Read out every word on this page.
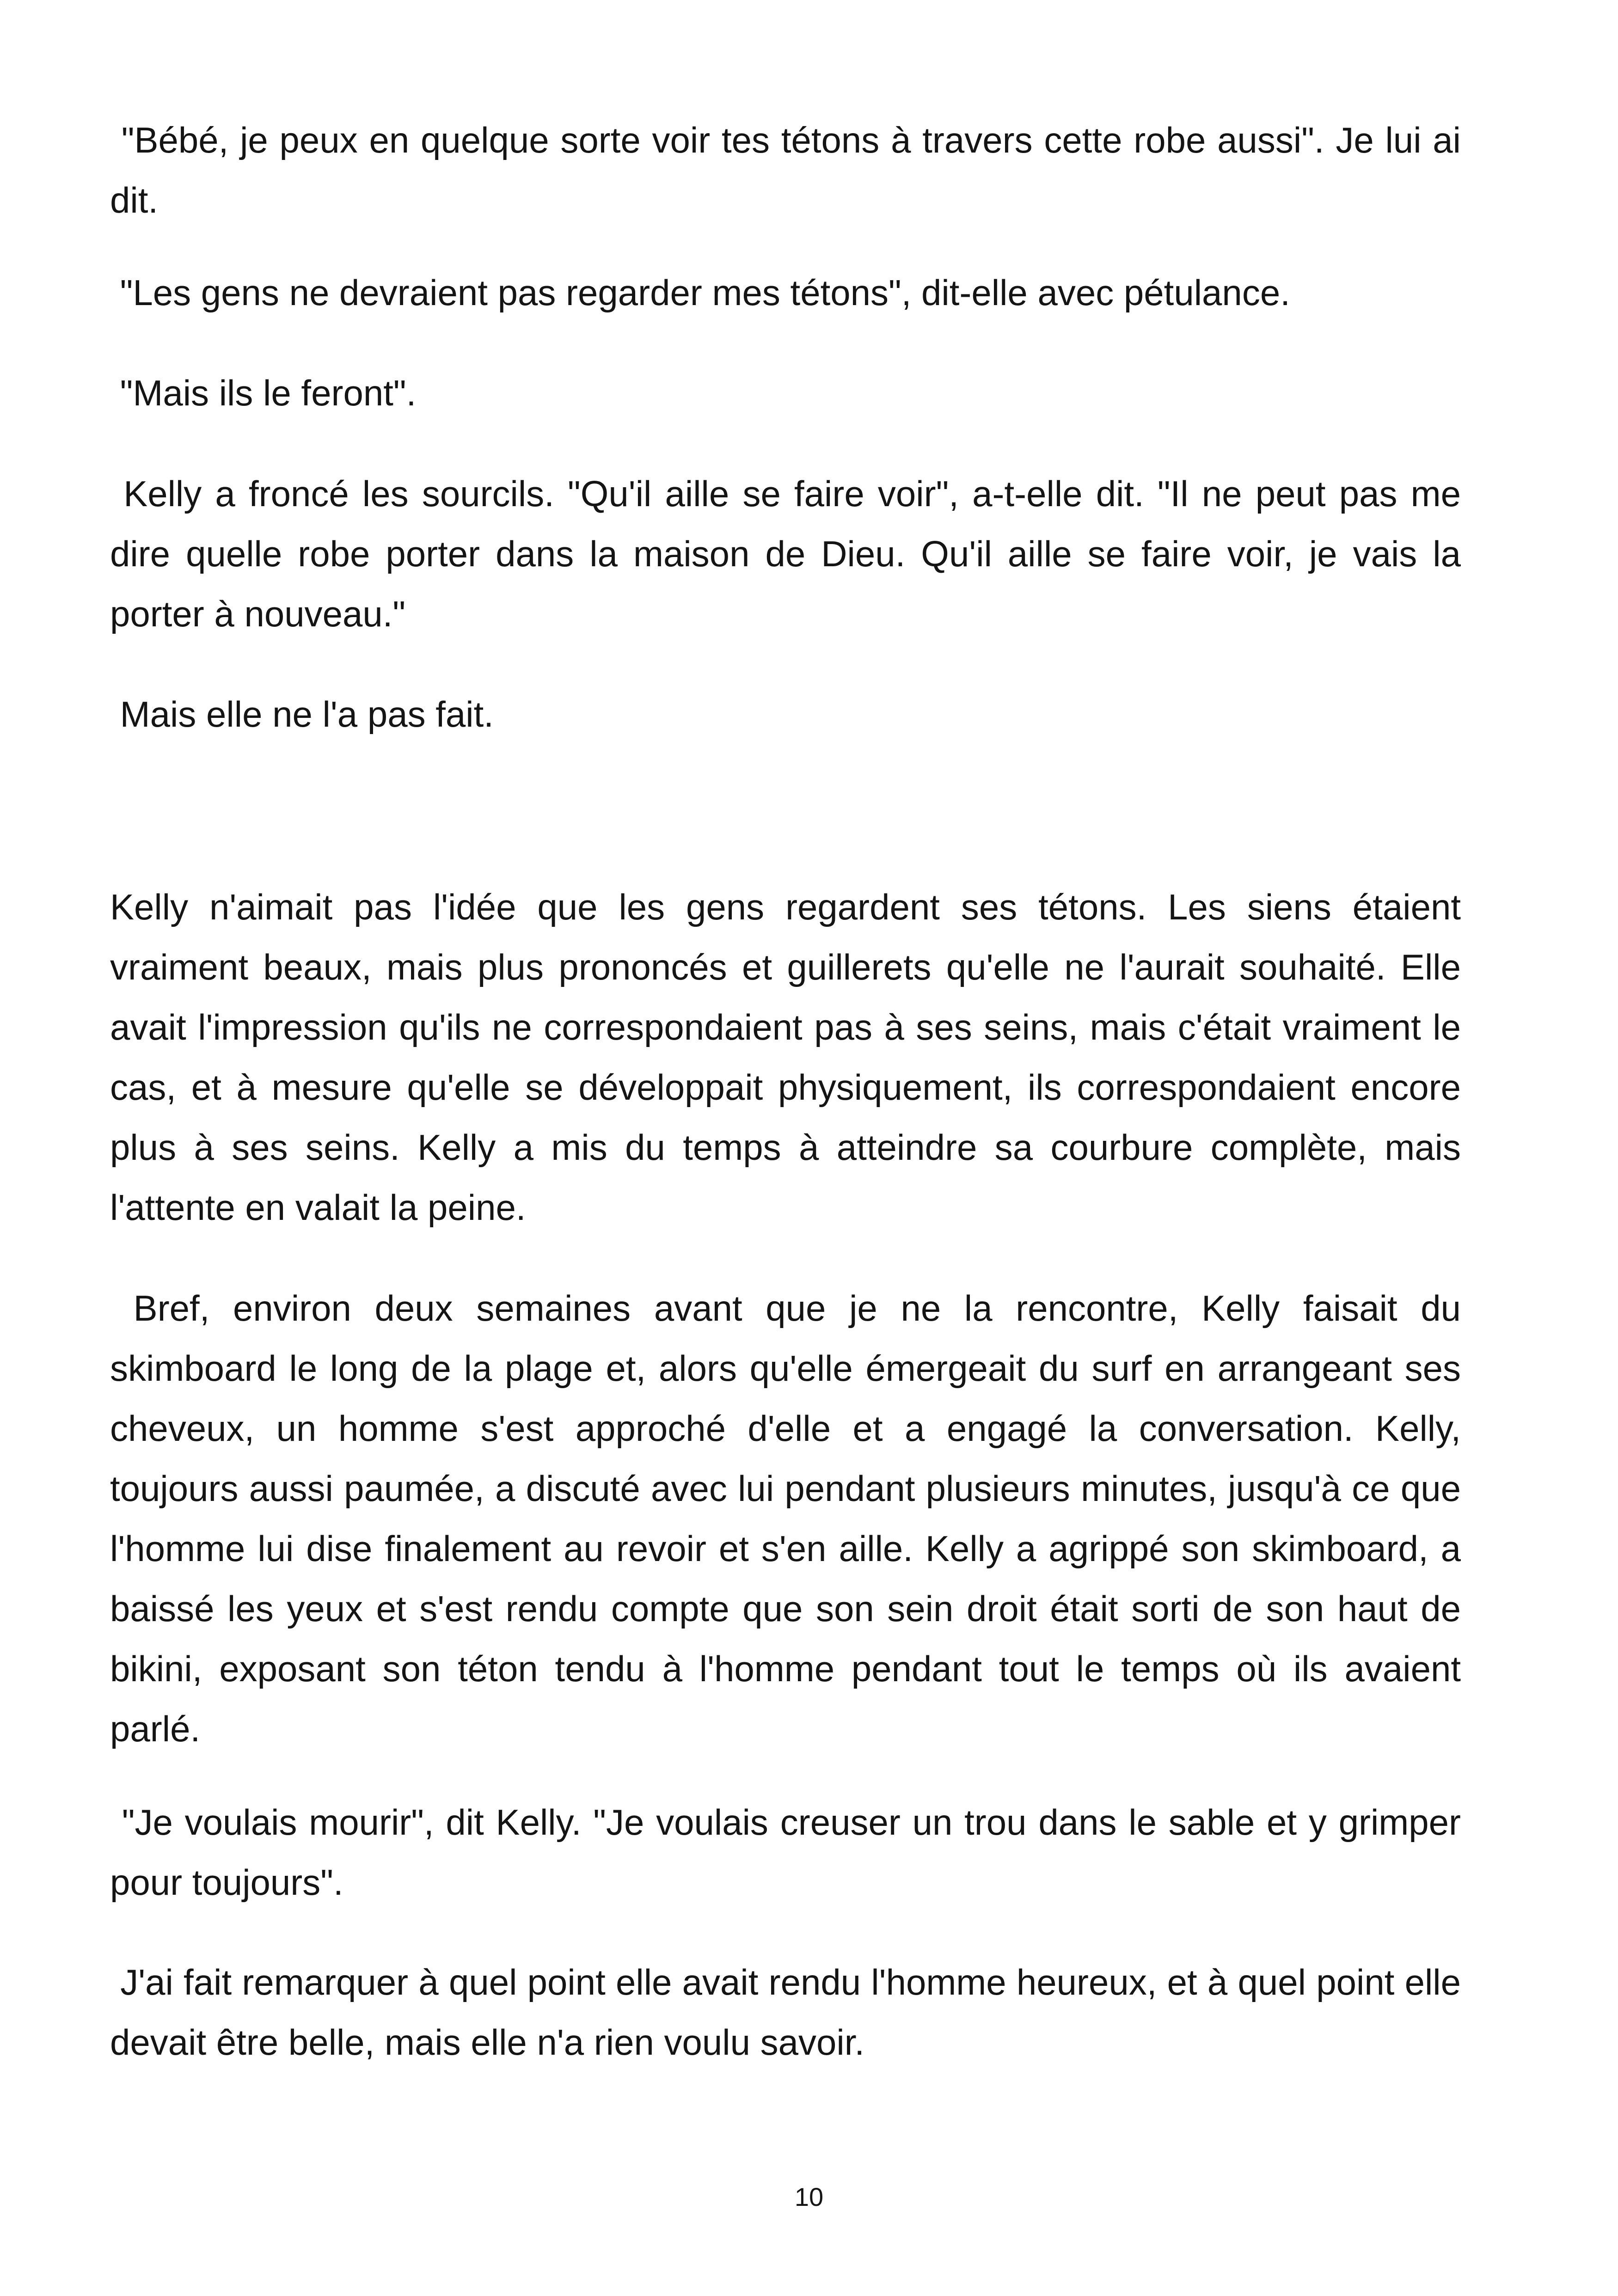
"Bébé, je peux en quelque sorte voir tes tétons à travers cette robe aussi". Je lui ai dit.

"Les gens ne devraient pas regarder mes tétons", dit-elle avec pétulance.

"Mais ils le feront".

Kelly a froncé les sourcils. "Qu'il aille se faire voir", a-t-elle dit. "Il ne peut pas me dire quelle robe porter dans la maison de Dieu. Qu'il aille se faire voir, je vais la porter à nouveau."

Mais elle ne l'a pas fait.

Kelly n'aimait pas l'idée que les gens regardent ses tétons. Les siens étaient vraiment beaux, mais plus prononcés et guillerets qu'elle ne l'aurait souhaité. Elle avait l'impression qu'ils ne correspondaient pas à ses seins, mais c'était vraiment le cas, et à mesure qu'elle se développait physiquement, ils correspondaient encore plus à ses seins. Kelly a mis du temps à atteindre sa courbure complète, mais l'attente en valait la peine.

Bref, environ deux semaines avant que je ne la rencontre, Kelly faisait du skimboard le long de la plage et, alors qu'elle émergeait du surf en arrangeant ses cheveux, un homme s'est approché d'elle et a engagé la conversation. Kelly, toujours aussi paumée, a discuté avec lui pendant plusieurs minutes, jusqu'à ce que l'homme lui dise finalement au revoir et s'en aille. Kelly a agrippé son skimboard, a baissé les yeux et s'est rendu compte que son sein droit était sorti de son haut de bikini, exposant son téton tendu à l'homme pendant tout le temps où ils avaient parlé.

"Je voulais mourir", dit Kelly. "Je voulais creuser un trou dans le sable et y grimper pour toujours".

J'ai fait remarquer à quel point elle avait rendu l'homme heureux, et à quel point elle devait être belle, mais elle n'a rien voulu savoir.

10
